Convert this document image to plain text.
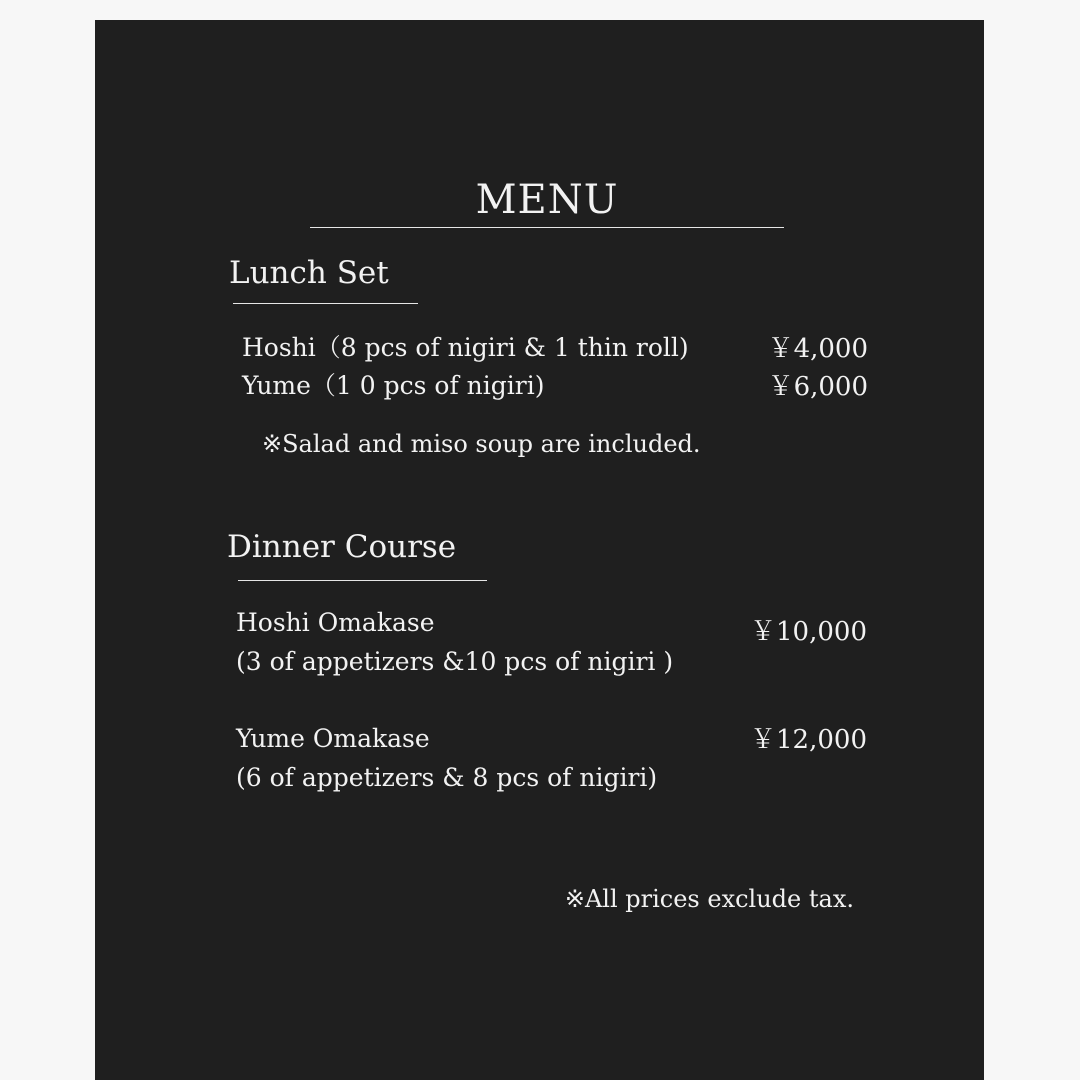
MENU
Lunch Set
Hoshi（8 pcs of nigiri & 1 thin roll)	￥4,000
Yume（1 0 pcs of nigiri)	￥6,000
※Salad and miso soup are included.
Dinner Course
Hoshi Omakase
(3 of appetizers &10 pcs of nigiri )
￥10,000
Yume Omakase
(6 of appetizers & 8 pcs of nigiri)
￥12,000
※All prices exclude tax.
